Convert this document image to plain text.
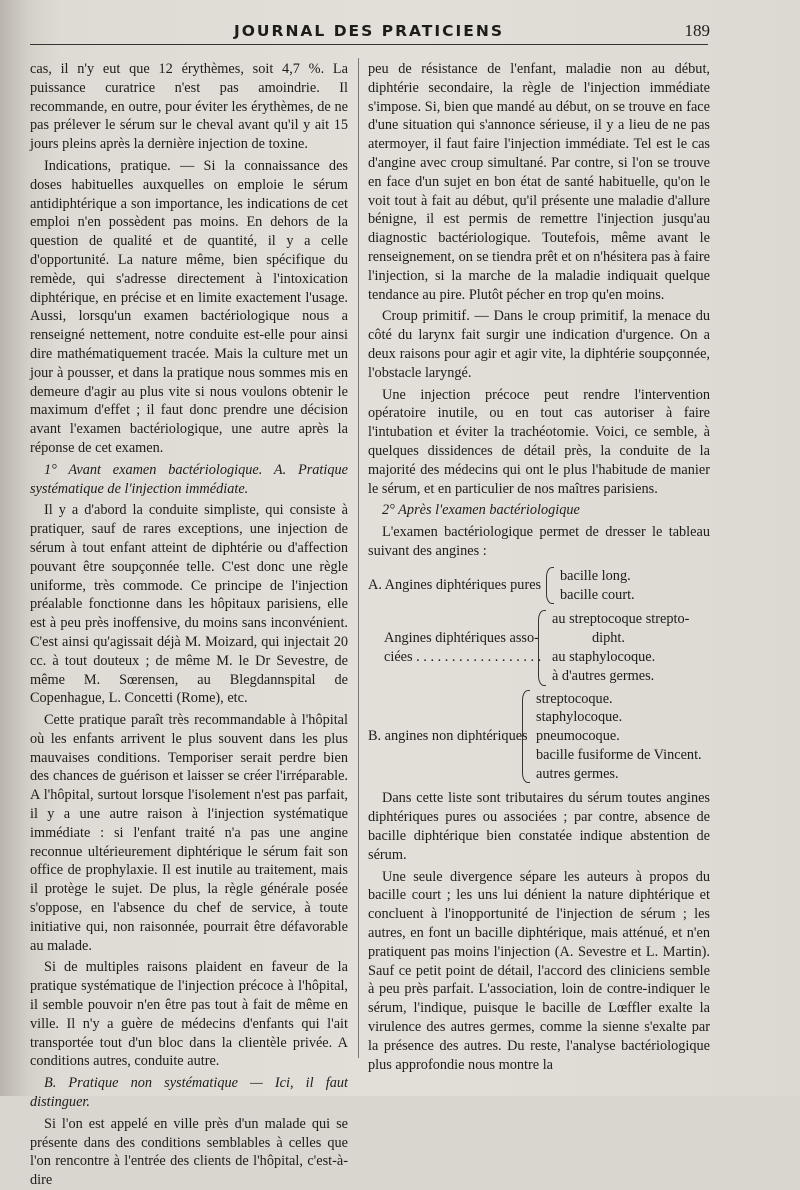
JOURNAL DES PRATICIENS	189

cas, il n'y eut que 12 érythèmes, soit 4,7 %. La puissance curatrice n'est pas amoindrie. Il recommande, en outre, pour éviter les érythèmes, de ne pas prélever le sérum sur le cheval avant qu'il y ait 15 jours pleins après la dernière injection de toxine.

Indications, pratique. — Si la connaissance des doses habituelles auxquelles on emploie le sérum antidiphtérique a son importance, les indications de cet emploi n'en possèdent pas moins. En dehors de la question de qualité et de quantité, il y a celle d'opportunité. La nature même, bien spécifique du remède, qui s'adresse directement à l'intoxication diphtérique, en précise et en limite exactement l'usage. Aussi, lorsqu'un examen bactériologique nous a renseigné nettement, notre conduite est-elle pour ainsi dire mathématiquement tracée. Mais la culture met un jour à pousser, et dans la pratique nous sommes mis en demeure d'agir au plus vite si nous voulons obtenir le maximum d'effet ; il faut donc prendre une décision avant l'examen bactériologique, une autre après la réponse de cet examen.

1° Avant examen bactériologique. A. Pratique systématique de l'injection immédiate.

Il y a d'abord la conduite simpliste, qui consiste à pratiquer, sauf de rares exceptions, une injection de sérum à tout enfant atteint de diphtérie ou d'affection pouvant être soupçonnée telle. C'est donc une règle uniforme, très commode. Ce principe de l'injection préalable fonctionne dans les hôpitaux parisiens, elle est à peu près inoffensive, du moins sans inconvénient. C'est ainsi qu'agissait déjà M. Moizard, qui injectait 20 cc. à tout douteux ; de même M. le Dr Sevestre, de même M. Sœrensen, au Blegdannspital de Copenhague, L. Concetti (Rome), etc.

Cette pratique paraît très recommandable à l'hôpital où les enfants arrivent le plus souvent dans les plus mauvaises conditions. Temporiser serait perdre bien des chances de guérison et laisser se créer l'irréparable. A l'hôpital, surtout lorsque l'isolement n'est pas parfait, il y a une autre raison à l'injection systématique immédiate : si l'enfant traité n'a pas une angine reconnue ultérieurement diphtérique le sérum fait son office de prophylaxie. Il est inutile au traitement, mais il protège le sujet. De plus, la règle générale posée s'oppose, en l'absence du chef de service, à toute initiative qui, non raisonnée, pourrait être défavorable au malade.

Si de multiples raisons plaident en faveur de la pratique systématique de l'injection précoce à l'hôpital, il semble pouvoir n'en être pas tout à fait de même en ville. Il n'y a guère de médecins d'enfants qui l'ait transportée tout d'un bloc dans la clientèle privée. A conditions autres, conduite autre.

B. Pratique non systématique — Ici, il faut distinguer.

Si l'on est appelé en ville près d'un malade qui se présente dans des conditions semblables à celles que l'on rencontre à l'entrée des clients de l'hôpital, c'est-à-dire

peu de résistance de l'enfant, maladie non au début, diphtérie secondaire, la règle de l'injection immédiate s'impose. Si, bien que mandé au début, on se trouve en face d'une situation qui s'annonce sérieuse, il y a lieu de ne pas atermoyer, il faut faire l'injection immédiate. Tel est le cas d'angine avec croup simultané. Par contre, si l'on se trouve en face d'un sujet en bon état de santé habituelle, qu'on le voit tout à fait au début, qu'il présente une maladie d'allure bénigne, il est permis de remettre l'injection jusqu'au diagnostic bactériologique. Toutefois, même avant le renseignement, on se tiendra prêt et on n'hésitera pas à faire l'injection, si la marche de la maladie indiquait quelque tendance au pire. Plutôt pécher en trop qu'en moins.

Croup primitif. — Dans le croup primitif, la menace du côté du larynx fait surgir une indication d'urgence. On a deux raisons pour agir et agir vite, la diphtérie soupçonnée, l'obstacle laryngé.

Une injection précoce peut rendre l'intervention opératoire inutile, ou en tout cas autoriser à faire l'intubation et éviter la trachéotomie. Voici, ce semble, à quelques dissidences de détail près, la conduite de la majorité des médecins qui ont le plus l'habitude de manier le sérum, et en particulier de nos maîtres parisiens.

2° Après l'examen bactériologique

L'examen bactériologique permet de dresser le tableau suivant des angines :

A. Angines diphtériques pures
bacille long.
bacille court.
Angines diphtériques asso-
ciées . . . . . . . . . . . . . . . . . .
au streptocoque strepto-
dipht.
au staphylocoque.
à d'autres germes.
B. angines non diphtériques
streptocoque.
staphylocoque.
pneumocoque.
bacille fusiforme de Vincent.
autres germes.

Dans cette liste sont tributaires du sérum toutes angines diphtériques pures ou associées ; par contre, absence de bacille diphtérique bien constatée indique abstention de sérum.

Une seule divergence sépare les auteurs à propos du bacille court ; les uns lui dénient la nature diphtérique et concluent à l'inopportunité de l'injection de sérum ; les autres, en font un bacille diphtérique, mais atténué, et n'en pratiquent pas moins l'injection (A. Sevestre et L. Martin). Sauf ce petit point de détail, l'accord des cliniciens semble à peu près parfait. L'association, loin de contre-indiquer le sérum, l'indique, puisque le bacille de Lœffler exalte la virulence des autres germes, comme la sienne s'exalte par la présence des autres. Du reste, l'analyse bactériologique plus approfondie nous montre la
